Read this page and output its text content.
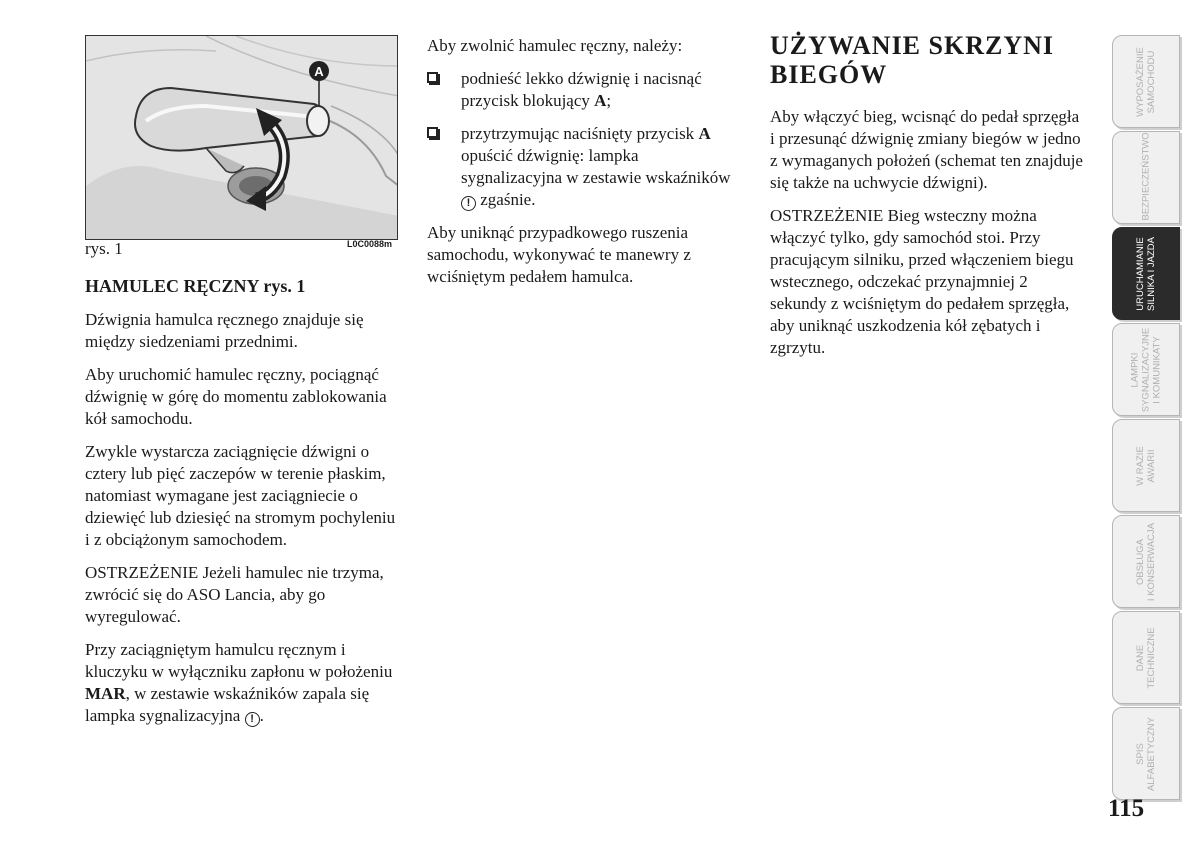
A
rys. 1	L0C0088m

HAMULEC RĘCZNY rys. 1

Dźwignia hamulca ręcznego znajduje się między siedzeniami przednimi.

Aby uruchomić hamulec ręczny, pociągnąć dźwignię w górę do momentu zablokowania kół samochodu.

Zwykle wystarcza zaciągnięcie dźwigni o cztery lub pięć zaczepów w terenie płaskim, natomiast wymagane jest zaciągniecie o dziewięć lub dziesięć na stromym pochyleniu i z obciążonym samochodem.

OSTRZEŻENIE Jeżeli hamulec nie trzyma, zwrócić się do ASO Lancia, aby go wyregulować.

Przy zaciągniętym hamulcu ręcznym i kluczyku w wyłączniku zapłonu w położeniu MAR, w zestawie wskaźników zapala się lampka sygnalizacyjna ! .

Aby zwolnić hamulec ręczny, należy:

podnieść lekko dźwignię i nacisnąć przycisk blokujący A;

przytrzymując naciśnięty przycisk A opuścić dźwignię: lampka sygnalizacyjna w zestawie wskaźników ! zgaśnie.

Aby uniknąć przypadkowego ruszenia samochodu, wykonywać te manewry z wciśniętym pedałem hamulca.

UŻYWANIE SKRZYNI BIEGÓW

Aby włączyć bieg, wcisnąć do pedał sprzęgła i przesunąć dźwignię zmiany biegów w jedno z wymaganych położeń (schemat ten znajduje się także na uchwycie dźwigni).

OSTRZEŻENIE Bieg wsteczny można włączyć tylko, gdy samochód stoi. Przy pracującym silniku, przed włączeniem biegu wstecznego, odczekać przynajmniej 2 sekundy z wciśniętym do pedałem sprzęgła, aby uniknąć uszkodzenia kół zębatych i zgrzytu.

WYPOSAŻENIE
SAMOCHODU
BEZPIECZEŃSTWO
URUCHAMIANIE
SILNIKA I JAZDA
LAMPKI
SYGNALIZACYJNE
I KOMUNIKATY
W RAZIE
AWARII
OBSŁUGA
I KONSERWACJA
DANE
TECHNICZNE
SPIS
ALFABETYCZNY
115
